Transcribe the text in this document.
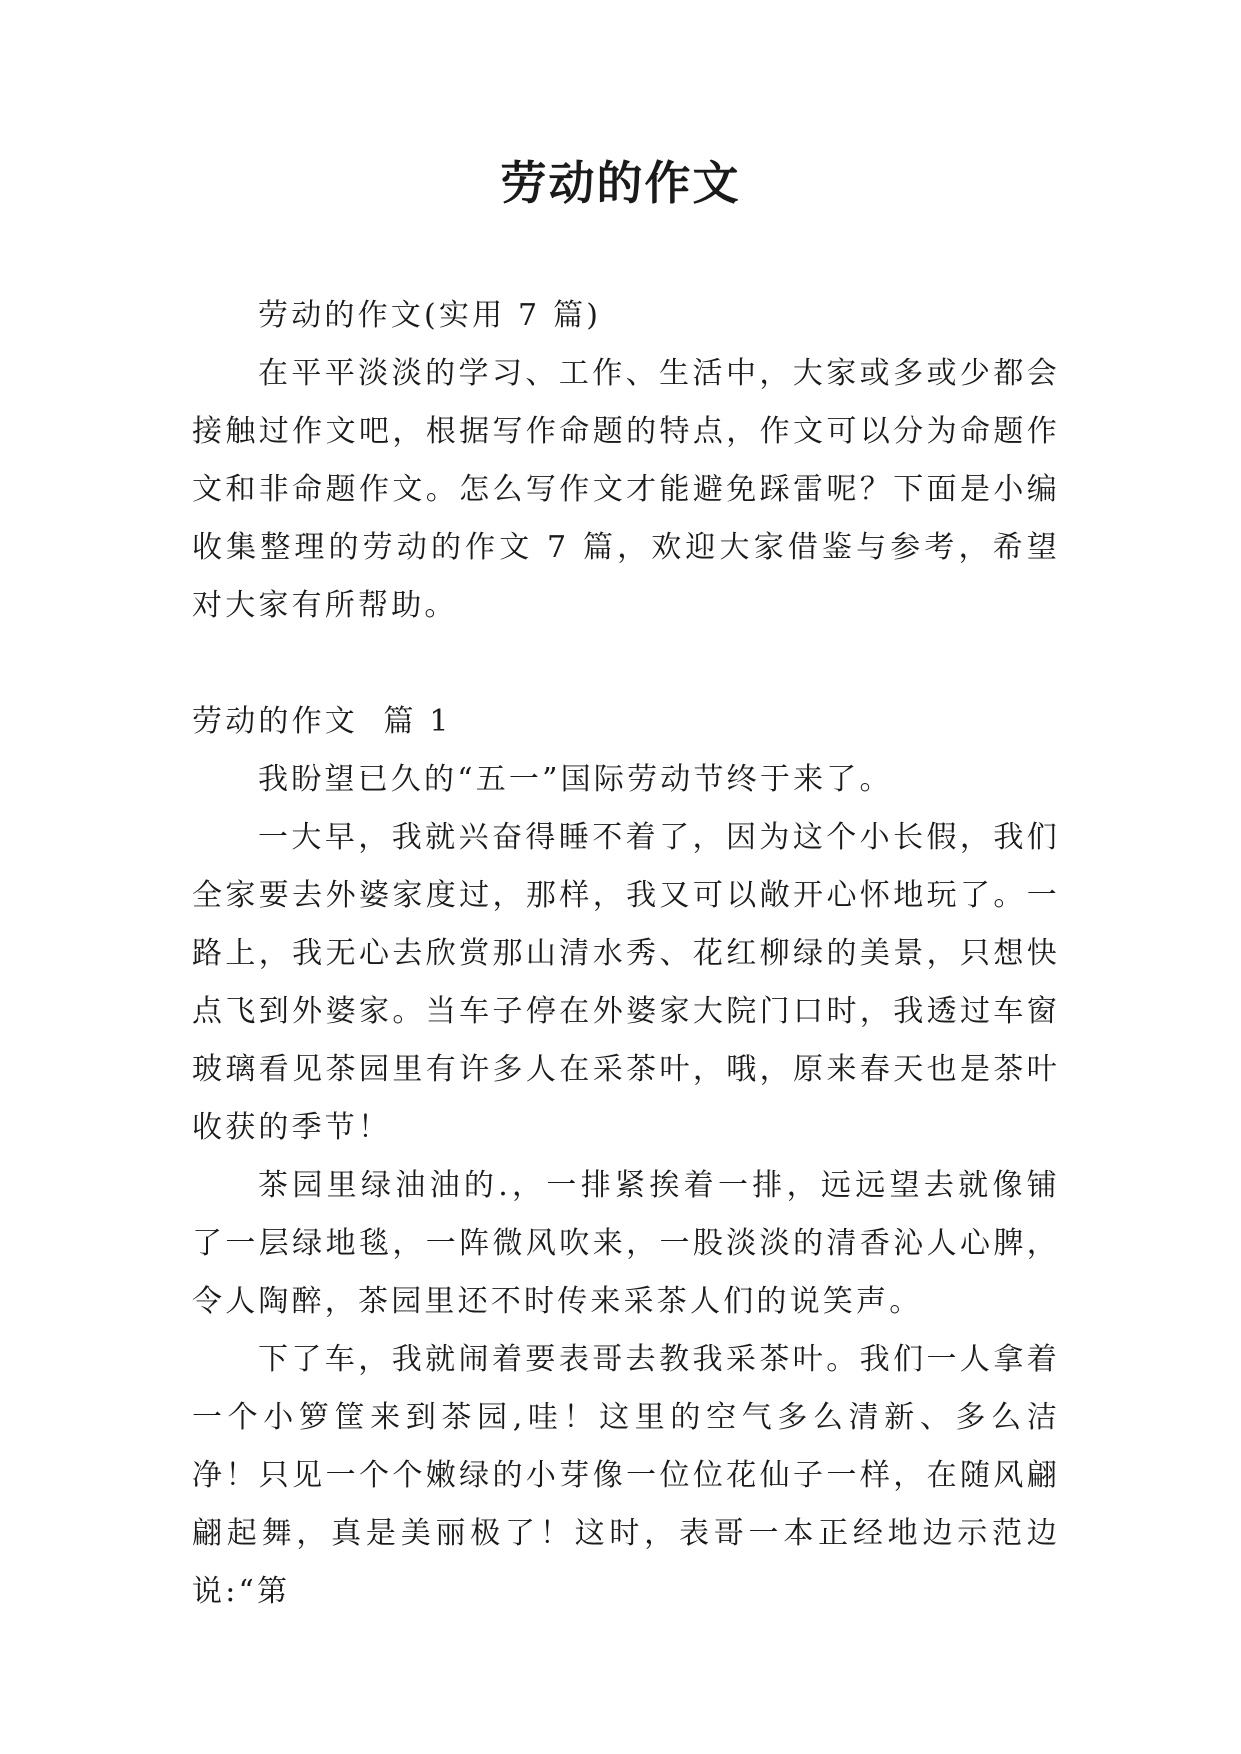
劳动的作文

劳动的作文(实用 7 篇)

在平平淡淡的学习、工作、生活中，大家或多或少都会接触过作文吧，根据写作命题的特点，作文可以分为命题作文和非命题作文。怎么写作文才能避免踩雷呢？下面是小编收集整理的劳动的作文 7 篇，欢迎大家借鉴与参考，希望对大家有所帮助。

劳动的作文  篇 1

我盼望已久的“五一”国际劳动节终于来了。

一大早，我就兴奋得睡不着了，因为这个小长假，我们全家要去外婆家度过，那样，我又可以敞开心怀地玩了。一路上，我无心去欣赏那山清水秀、花红柳绿的美景，只想快点飞到外婆家。当车子停在外婆家大院门口时，我透过车窗玻璃看见茶园里有许多人在采茶叶，哦，原来春天也是茶叶收获的季节！

茶园里绿油油的.，一排紧挨着一排，远远望去就像铺了一层绿地毯，一阵微风吹来，一股淡淡的清香沁人心脾，令人陶醉，茶园里还不时传来采茶人们的说笑声。

下了车，我就闹着要表哥去教我采茶叶。我们一人拿着一个小箩筐来到茶园,哇！这里的空气多么清新、多么洁净！只见一个个嫩绿的小芽像一位位花仙子一样，在随风翩翩起舞，真是美丽极了！这时，表哥一本正经地边示范边说:“第
